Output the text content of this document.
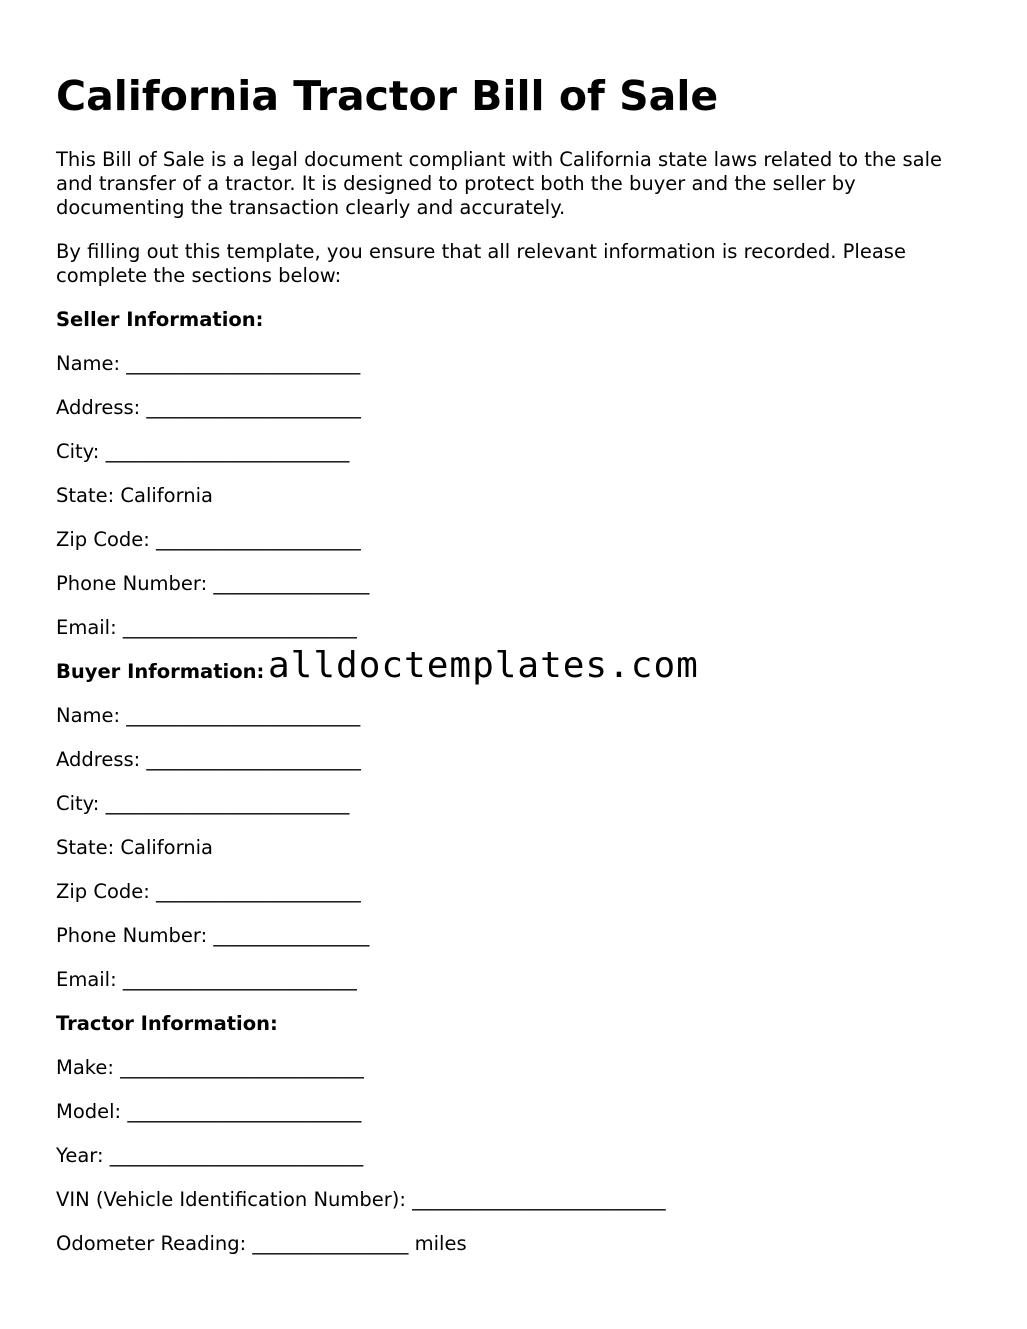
California Tractor Bill of Sale

This Bill of Sale is a legal document compliant with California state laws related to the sale and transfer of a tractor. It is designed to protect both the buyer and the seller by documenting the transaction clearly and accurately.

By filling out this template, you ensure that all relevant information is recorded. Please complete the sections below:

Seller Information:

Name: ________________________

Address: ______________________

City: _________________________

State: California

Zip Code: _____________________

Phone Number: ________________

Email: ________________________

Buyer Information:

Name: ________________________

Address: ______________________

City: _________________________

State: California

Zip Code: _____________________

Phone Number: ________________

Email: ________________________

Tractor Information:

Make: _________________________

Model: ________________________

Year: __________________________

VIN (Vehicle Identification Number): __________________________

Odometer Reading: ________________ miles

alldoctemplates.com
